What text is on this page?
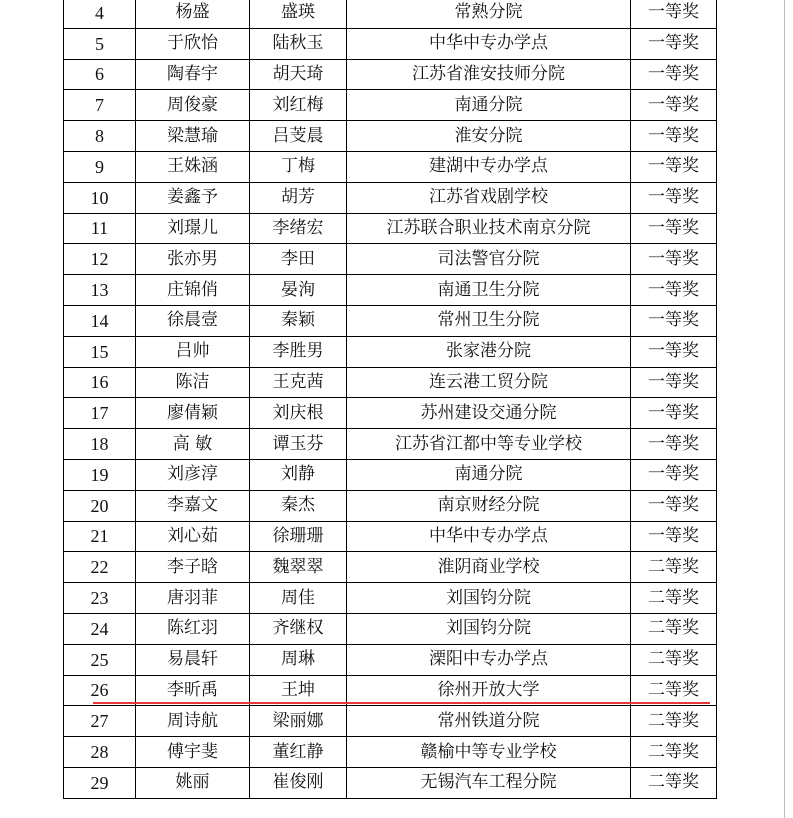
4	杨盛	盛瑛	常熟分院	一等奖
5	于欣怡	陆秋玉	中华中专办学点	一等奖
6	陶春宇	胡天琦	江苏省淮安技师分院	一等奖
7	周俊豪	刘红梅	南通分院	一等奖
8	梁慧瑜	吕芰晨	淮安分院	一等奖
9	王姝涵	丁梅	建湖中专办学点	一等奖
10	姜鑫予	胡芳	江苏省戏剧学校	一等奖
11	刘璟儿	李绪宏	江苏联合职业技术南京分院	一等奖
12	张亦男	李田	司法警官分院	一等奖
13	庄锦俏	晏洵	南通卫生分院	一等奖
14	徐晨壹	秦颖	常州卫生分院	一等奖
15	吕帅	李胜男	张家港分院	一等奖
16	陈洁	王克茜	连云港工贸分院	一等奖
17	廖倩颖	刘庆根	苏州建设交通分院	一等奖
18	高 敏	谭玉芬	江苏省江都中等专业学校	一等奖
19	刘彦淳	刘静	南通分院	一等奖
20	李嘉文	秦杰	南京财经分院	一等奖
21	刘心茹	徐珊珊	中华中专办学点	一等奖
22	李子晗	魏翠翠	淮阴商业学校	二等奖
23	唐羽菲	周佳	刘国钧分院	二等奖
24	陈红羽	齐继权	刘国钧分院	二等奖
25	易晨轩	周琳	溧阳中专办学点	二等奖
26	李昕禹	王坤	徐州开放大学	二等奖
27	周诗航	梁丽娜	常州铁道分院	二等奖
28	傅宇斐	董红静	赣榆中等专业学校	二等奖
29	姚丽	崔俊刚	无锡汽车工程分院	二等奖
